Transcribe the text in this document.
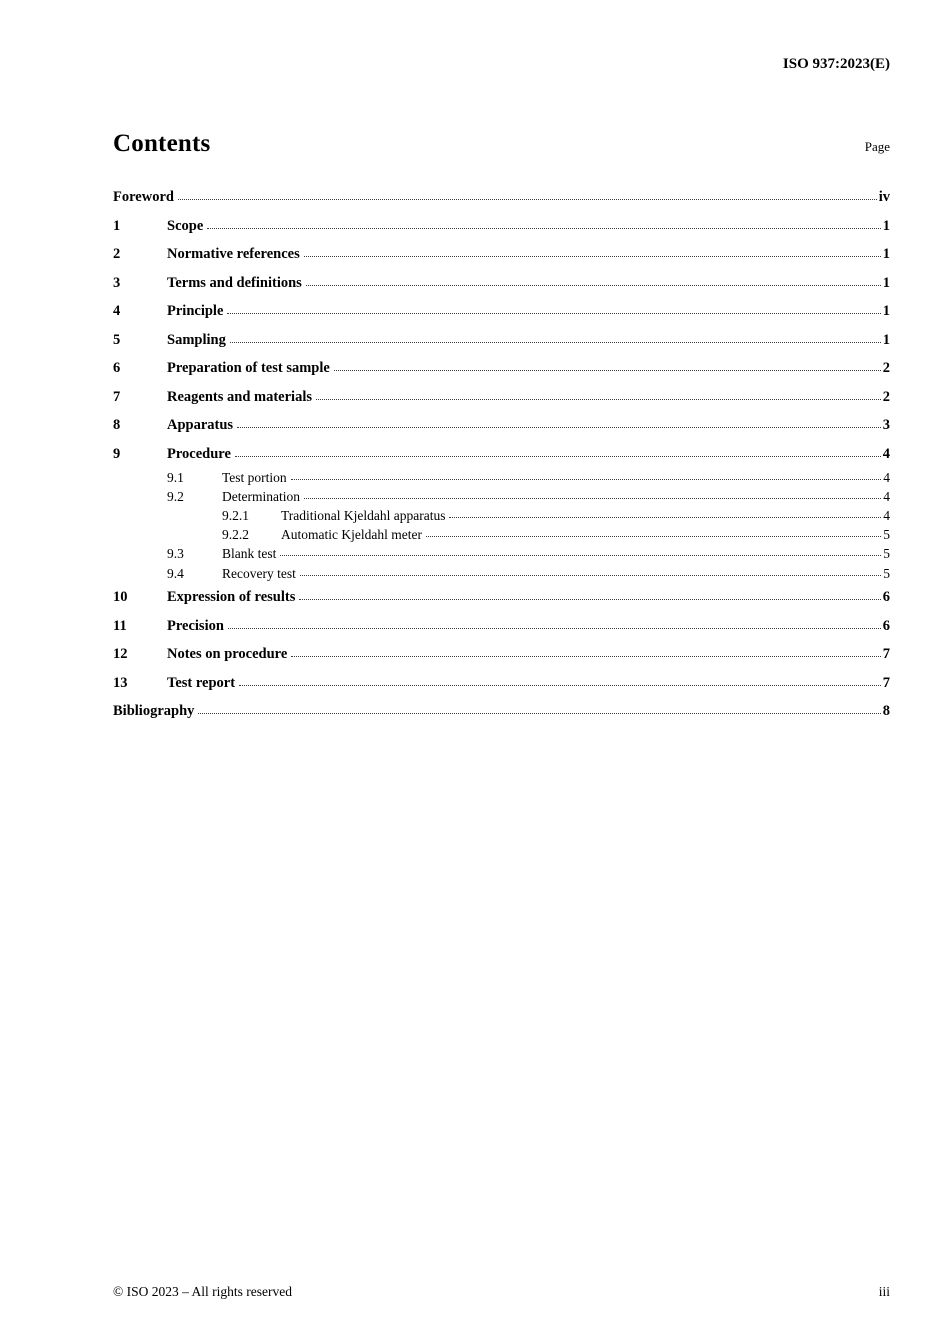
ISO 937:2023(E)
Contents	Page
Foreword	iv
1	Scope	1
2	Normative references	1
3	Terms and definitions	1
4	Principle	1
5	Sampling	1
6	Preparation of test sample	2
7	Reagents and materials	2
8	Apparatus	3
9	Procedure	4
9.1	Test portion	4
9.2	Determination	4
9.2.1	Traditional Kjeldahl apparatus	4
9.2.2	Automatic Kjeldahl meter	5
9.3	Blank test	5
9.4	Recovery test	5
10	Expression of results	6
11	Precision	6
12	Notes on procedure	7
13	Test report	7
Bibliography	8
© ISO 2023 – All rights reserved	iii
